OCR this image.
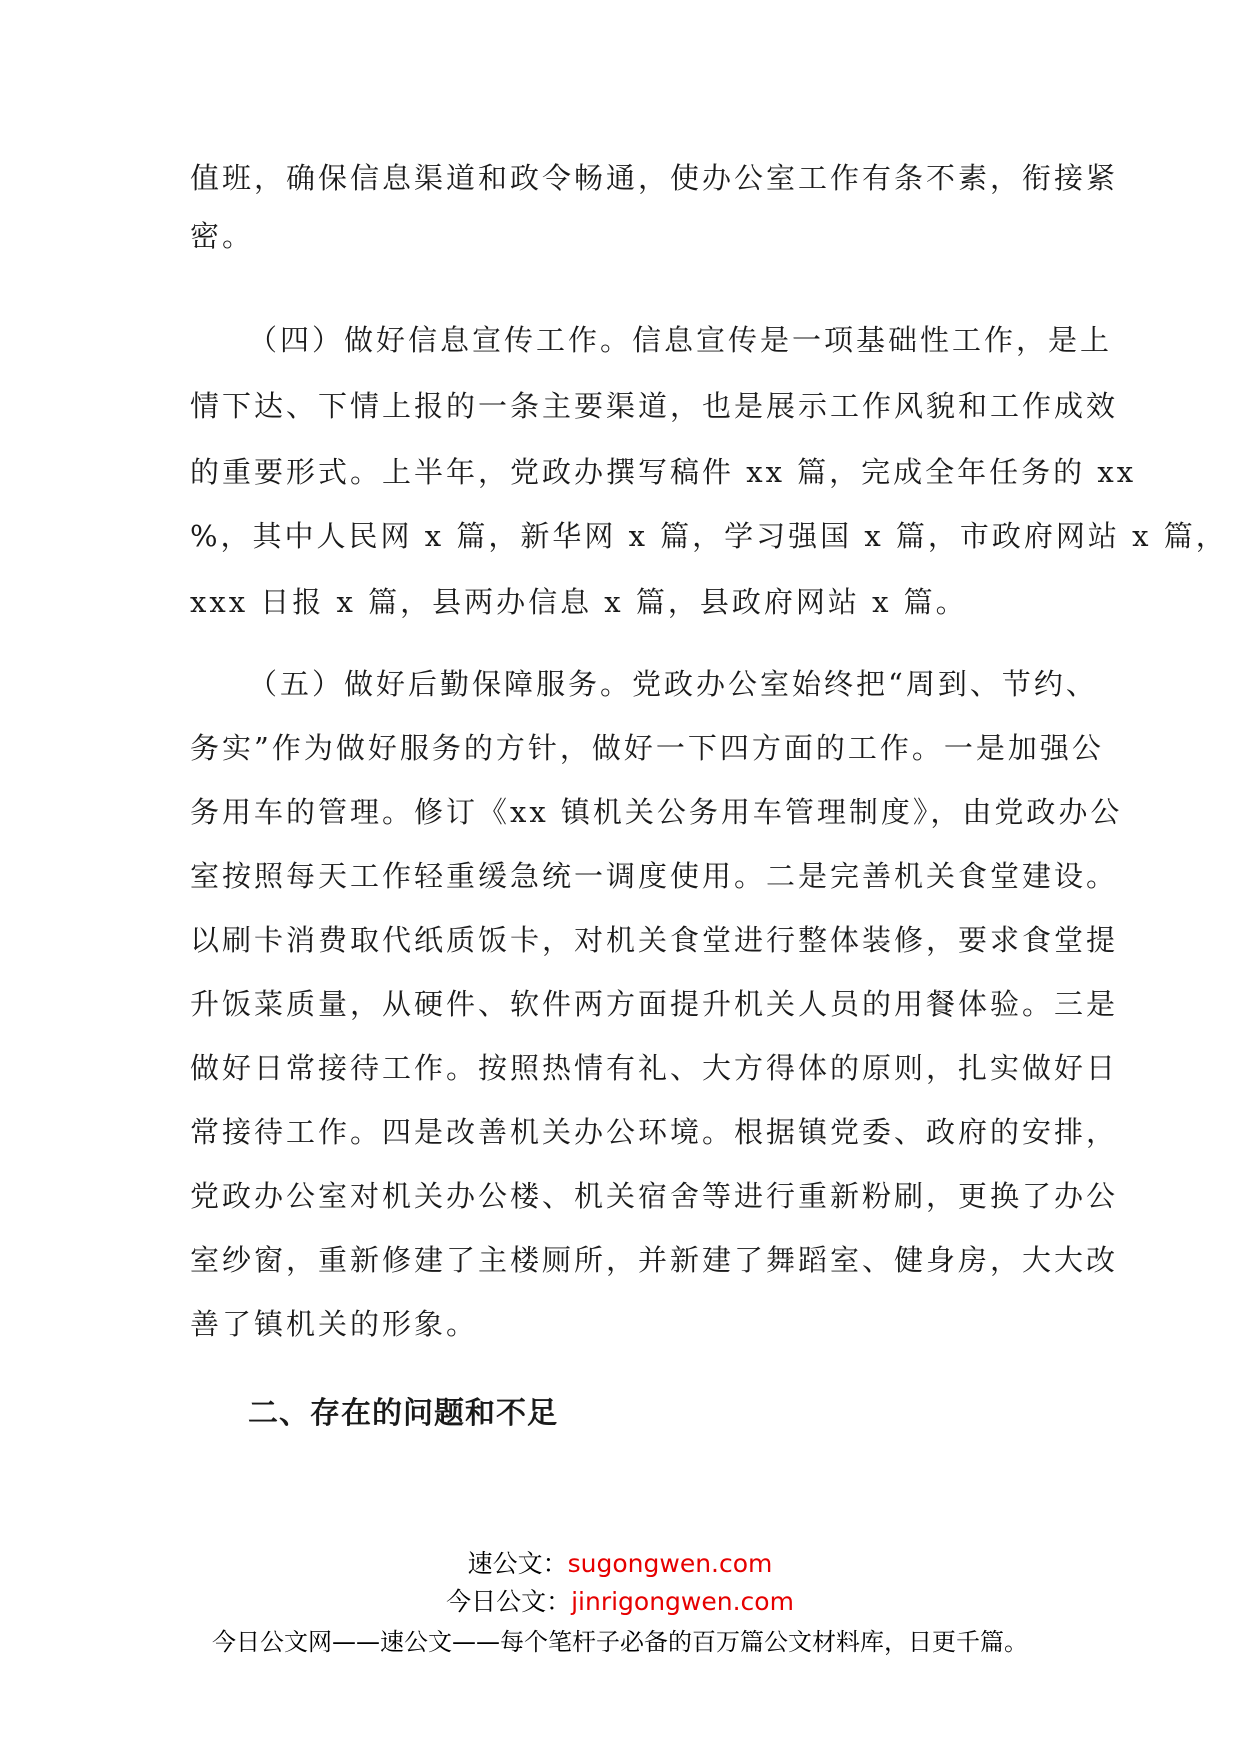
值班，确保信息渠道和政令畅通，使办公室工作有条不素，衔接紧
密。
（四）做好信息宣传工作。信息宣传是一项基础性工作，是上
情下达、下情上报的一条主要渠道，也是展示工作风貌和工作成效
的重要形式。上半年，党政办撰写稿件 xx 篇，完成全年任务的 xx
%，其中人民网 x 篇，新华网 x 篇，学习强国 x 篇，市政府网站 x 篇，
xxx 日报 x 篇，县两办信息 x 篇，县政府网站 x 篇。
（五）做好后勤保障服务。党政办公室始终把“周到、节约、
务实”作为做好服务的方针，做好一下四方面的工作。一是加强公
务用车的管理。修订《xx 镇机关公务用车管理制度》，由党政办公
室按照每天工作轻重缓急统一调度使用。二是完善机关食堂建设。
以刷卡消费取代纸质饭卡，对机关食堂进行整体装修，要求食堂提
升饭菜质量，从硬件、软件两方面提升机关人员的用餐体验。三是
做好日常接待工作。按照热情有礼、大方得体的原则，扎实做好日
常接待工作。四是改善机关办公环境。根据镇党委、政府的安排，
党政办公室对机关办公楼、机关宿舍等进行重新粉刷，更换了办公
室纱窗，重新修建了主楼厕所，并新建了舞蹈室、健身房，大大改
善了镇机关的形象。
二、存在的问题和不足
速公文：sugongwen.com
今日公文：jinrigongwen.com
今日公文网——速公文——每个笔杆子必备的百万篇公文材料库，日更千篇。
